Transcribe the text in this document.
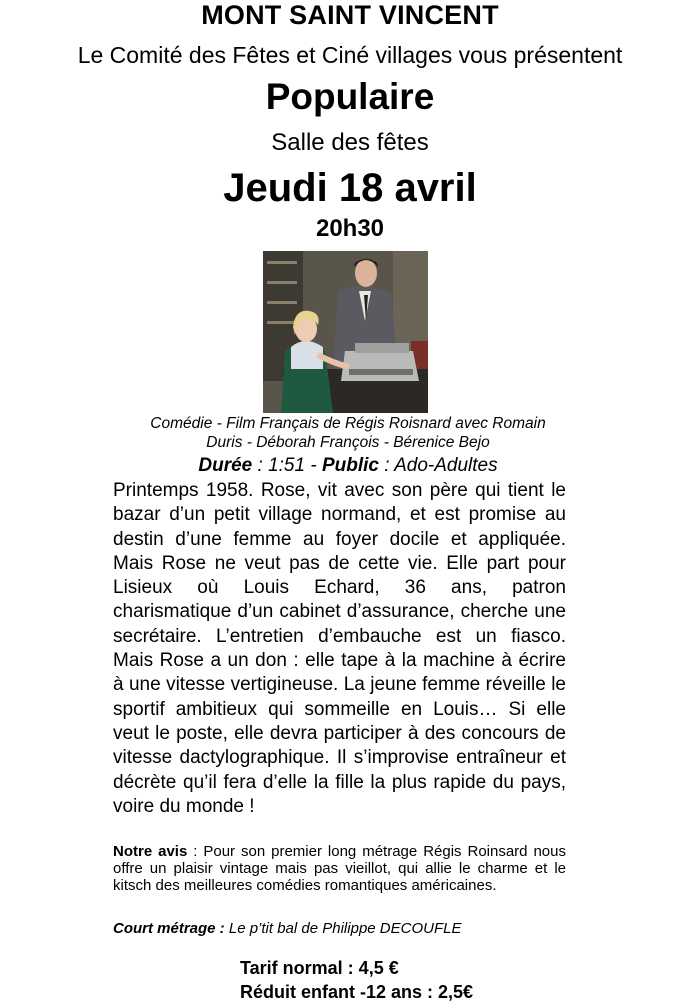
MONT SAINT VINCENT
Le Comité des Fêtes et Ciné villages vous présentent
Populaire
Salle des fêtes
Jeudi 18 avril
20h30
Comédie - Film Français de Régis Roisnard avec Romain
Duris - Déborah François - Bérenice Bejo
Durée : 1:51 - Public : Ado-Adultes
Printemps 1958. Rose, vit avec son père qui tient le bazar d’un petit village normand, et est promise au destin d’une femme au foyer docile et appliquée. Mais Rose ne veut pas de cette vie. Elle part pour Lisieux où Louis Echard, 36 ans, patron charismatique d’un cabinet d’assurance, cherche une secrétaire. L’entretien d’embauche est un fiasco. Mais Rose a un don : elle tape à la machine à écrire à une vitesse vertigineuse. La jeune femme réveille le sportif ambitieux qui sommeille en Louis… Si elle veut le poste, elle devra participer à des concours de vitesse dactylographique. Il s’improvise entraîneur et décrète qu’il fera d’elle la fille la plus rapide du pays, voire du monde !
Notre avis : Pour son premier long métrage Régis Roinsard nous offre un plaisir vintage mais pas vieillot, qui allie le charme et le kitsch des meilleures comédies romantiques américaines.
Court métrage : Le p’tit bal de Philippe DECOUFLE
Tarif normal : 4,5 €
Réduit enfant -12 ans : 2,5€
